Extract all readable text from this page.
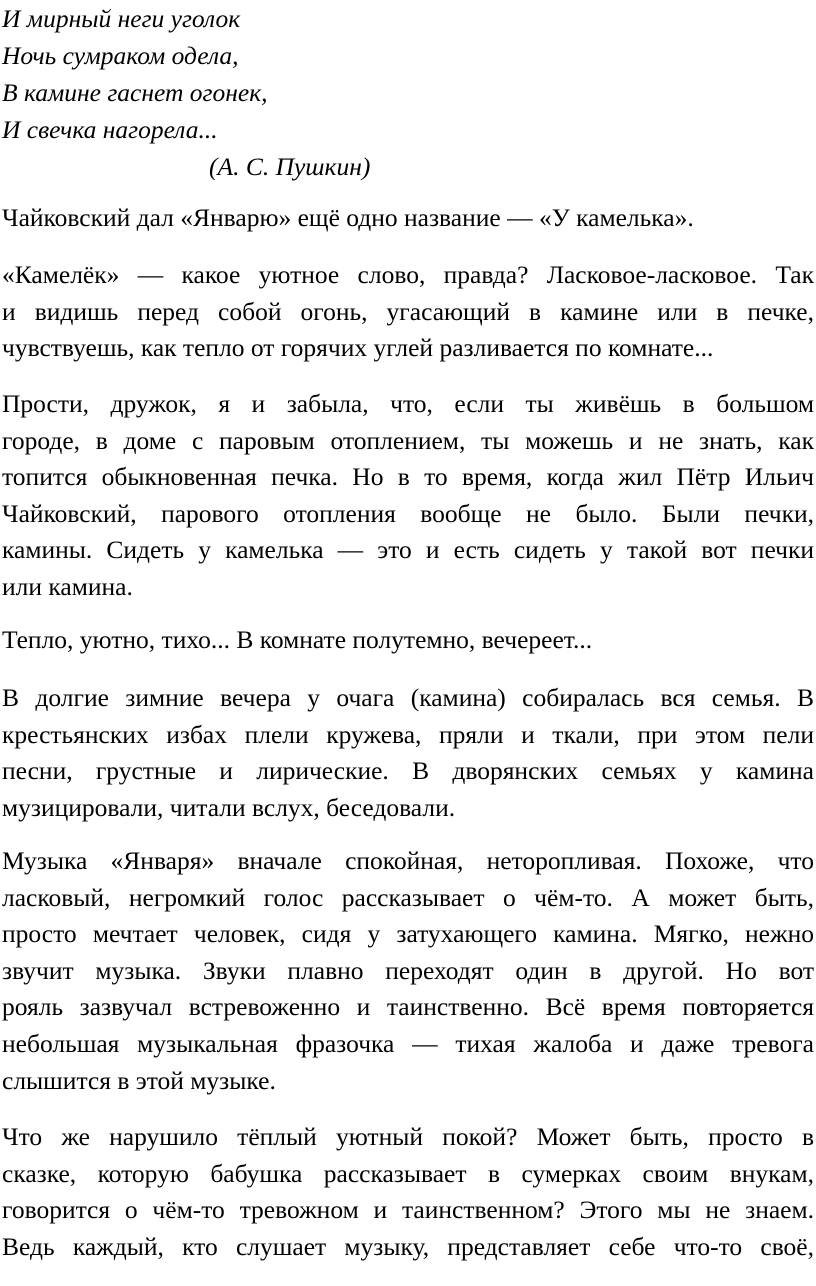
И мирный неги уголок

Ночь сумраком одела,

В камине гаснет огонек,

И свечка нагорела...

(А. С. Пушкин)

Чайковский дал «Январю» ещё одно название — «У камелька».
«Камелёк» — какое уютное слово, правда? Ласковое-ласковое. Так
и видишь перед собой огонь, угасающий в камине или в печке,
чувствуешь, как тепло от горячих углей разливается по комнате...
Прости, дружок, я и забыла, что, если ты живёшь в большом
городе, в доме с паровым отоплением, ты можешь и не знать, как
топится обыкновенная печка. Но в то время, когда жил Пётр Ильич
Чайковский, парового отопления вообще не было. Были печки,
камины. Сидеть у камелька — это и есть сидеть у такой вот печки
или камина.
Тепло, уютно, тихо... В комнате полутемно, вечереет...
В долгие зимние вечера у очага (камина) собиралась вся семья. В
крестьянских избах плели кружева, пряли и ткали, при этом пели
песни, грустные и лирические. В дворянских семьях у камина
музицировали, читали вслух, беседовали.
Музыка «Января» вначале спокойная, неторопливая. Похоже, что
ласковый, негромкий голос рассказывает о чём-то. А может быть,
просто мечтает человек, сидя у затухающего камина. Мягко, нежно
звучит музыка. Звуки плавно переходят один в другой. Но вот
рояль зазвучал встревоженно и таинственно. Всё время повторяется
небольшая музыкальная фразочка — тихая жалоба и даже тревога
слышится в этой музыке.
Что же нарушило тёплый уютный покой? Может быть, просто в
сказке, которую бабушка рассказывает в сумерках своим внукам,
говорится о чём-то тревожном и таинственном? Этого мы не знаем.
Ведь каждый, кто слушает музыку, представляет себе что-то своё,
